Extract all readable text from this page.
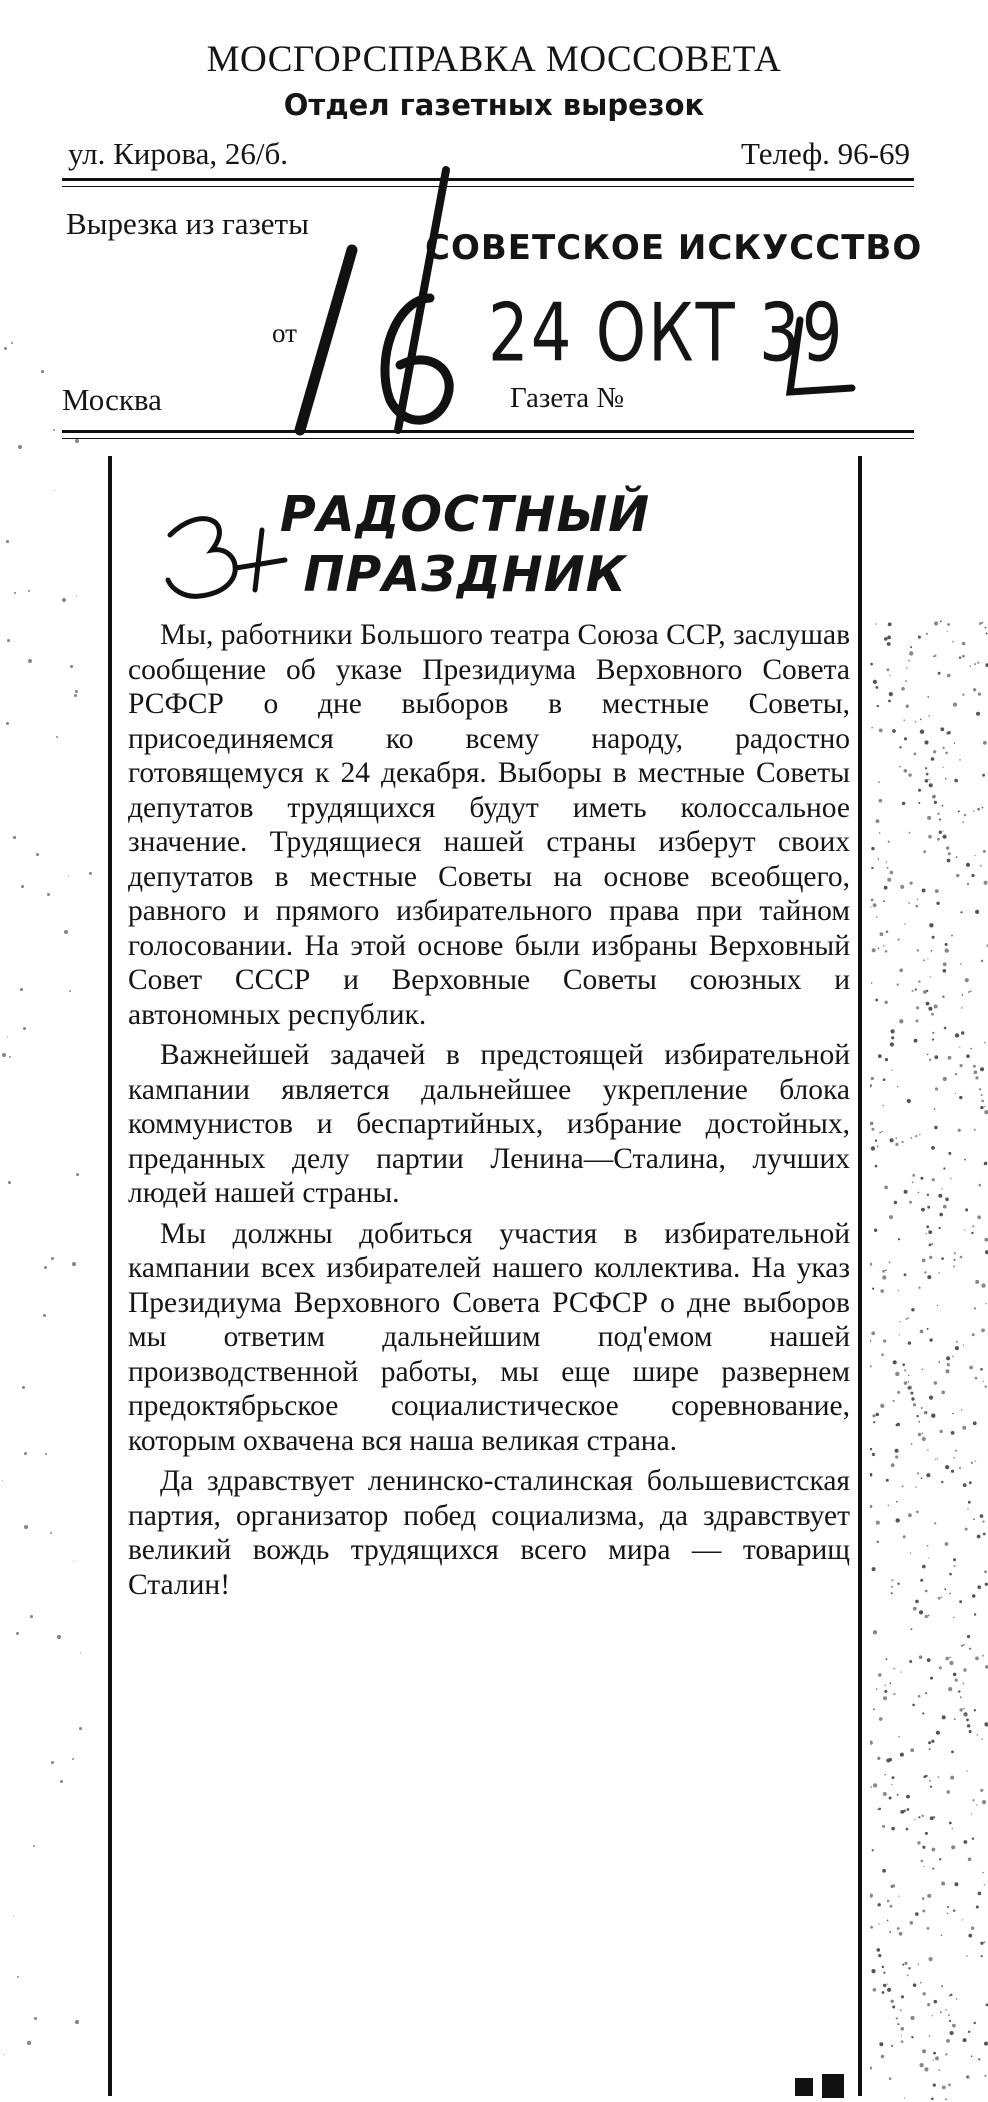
МОСГОРСПРАВКА МОССОВЕТА
Отдел газетных вырезок
ул. Кирова, 26/б.	Телеф. 96-69
Вырезка из газеты
СОВЕТСКОЕ ИСКУССТВО
от	24 ОКТ 39
Москва	Газета №
РАДОСТНЫЙ
ПРАЗДНИК

Мы, работники Большого театра Союза ССР, заслушав сообщение об указе Президиума Верховного Совета РСФСР о дне выборов в местные Советы, присоединяемся ко всему народу, радостно готовящемуся к 24 декабря. Выборы в местные Советы депутатов трудящихся будут иметь колоссальное значение. Трудящиеся нашей страны изберут своих депутатов в местные Советы на основе всеобщего, равного и прямого избирательного права при тайном голосовании. На этой основе были избраны Верховный Совет СССР и Верховные Советы союзных и автономных республик.

Важнейшей задачей в предстоящей избирательной кампании является дальнейшее укрепление блока коммунистов и беспартийных, избрание достойных, преданных делу партии Ленина—Сталина, лучших людей нашей страны.

Мы должны добиться участия в избирательной кампании всех избирателей нашего коллектива. На указ Президиума Верховного Совета РСФСР о дне выборов мы ответим дальнейшим под'емом нашей производственной работы, мы еще шире развернем предоктябрьское социалистическое соревнование, которым охвачена вся наша великая страна.

Да здравствует ленинско-сталинская большевистская партия, организатор побед социализма, да здравствует великий вождь трудящихся всего мира — товарищ Сталин!
